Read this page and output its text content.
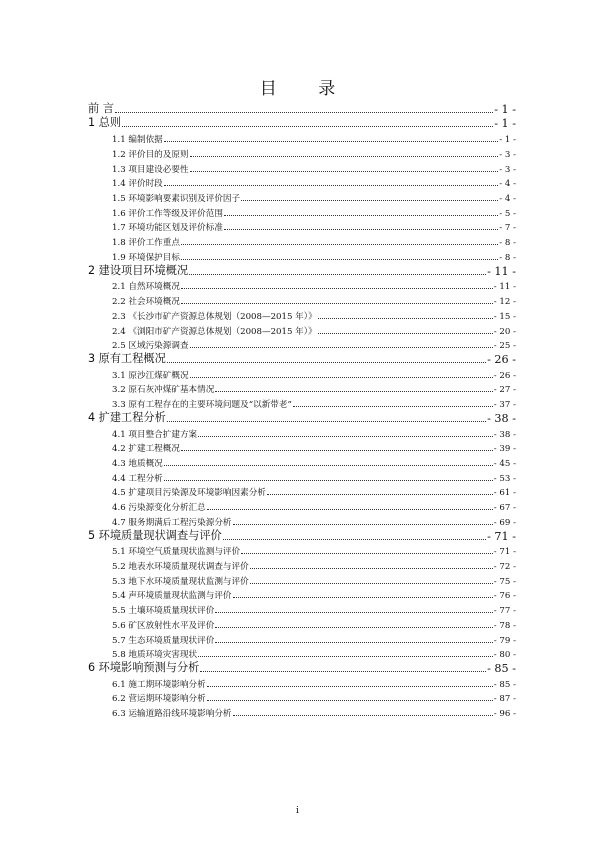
目 录
前 言	- 1 -
1 总则	- 1 -
1.1 编制依据	- 1 -
1.2 评价目的及原则	- 3 -
1.3 项目建设必要性	- 3 -
1.4 评价时段	- 4 -
1.5 环境影响要素识别及评价因子	- 4 -
1.6 评价工作等级及评价范围	- 5 -
1.7 环境功能区划及评价标准	- 7 -
1.8 评价工作重点	- 8 -
1.9 环境保护目标	- 8 -
2 建设项目环境概况	- 11 -
2.1 自然环境概况	- 11 -
2.2 社会环境概况	- 12 -
2.3 《长沙市矿产资源总体规划（2008—2015 年）》	- 15 -
2.4 《浏阳市矿产资源总体规划（2008—2015 年）》	- 20 -
2.5 区域污染源调查	- 25 -
3 原有工程概况	- 26 -
3.1 原沙江煤矿概况	- 26 -
3.2 原石灰冲煤矿基本情况	- 27 -
3.3 原有工程存在的主要环境问题及“以新带老”	- 37 -
4 扩建工程分析	- 38 -
4.1 项目整合扩建方案	- 38 -
4.2 扩建工程概况	- 39 -
4.3 地质概况	- 45 -
4.4 工程分析	- 53 -
4.5 扩建项目污染源及环境影响因素分析	- 61 -
4.6 污染源变化分析汇总	- 67 -
4.7 服务期满后工程污染源分析	- 69 -
5 环境质量现状调查与评价	- 71 -
5.1 环境空气质量现状监测与评价	- 71 -
5.2 地表水环境质量现状调查与评价	- 72 -
5.3 地下水环境质量现状监测与评价	- 75 -
5.4 声环境质量现状监测与评价	- 76 -
5.5 土壤环境质量现状评价	- 77 -
5.6 矿区放射性水平及评价	- 78 -
5.7 生态环境质量现状评价	- 79 -
5.8 地质环境灾害现状	- 80 -
6 环境影响预测与分析	- 85 -
6.1 施工期环境影响分析	- 85 -
6.2 营运期环境影响分析	- 87 -
6.3 运输道路沿线环境影响分析	- 96 -
i
